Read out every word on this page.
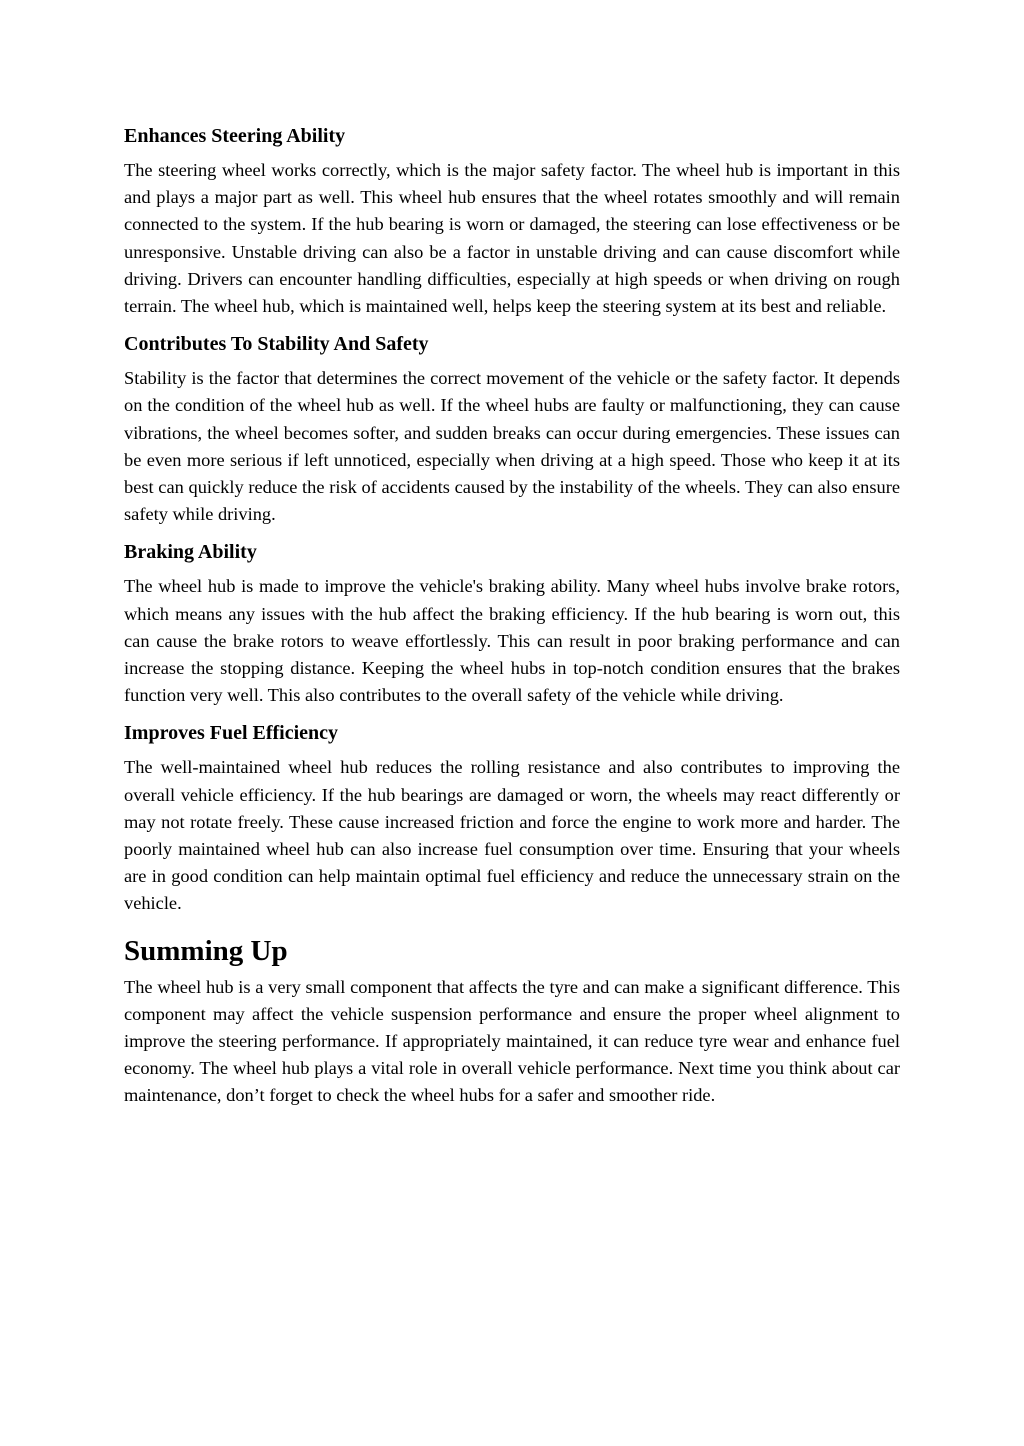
Enhances Steering Ability

The steering wheel works correctly, which is the major safety factor. The wheel hub is important in this and plays a major part as well. This wheel hub ensures that the wheel rotates smoothly and will remain connected to the system. If the hub bearing is worn or damaged, the steering can lose effectiveness or be unresponsive. Unstable driving can also be a factor in unstable driving and can cause discomfort while driving. Drivers can encounter handling difficulties, especially at high speeds or when driving on rough terrain. The wheel hub, which is maintained well, helps keep the steering system at its best and reliable.

Contributes To Stability And Safety

Stability is the factor that determines the correct movement of the vehicle or the safety factor. It depends on the condition of the wheel hub as well. If the wheel hubs are faulty or malfunctioning, they can cause vibrations, the wheel becomes softer, and sudden breaks can occur during emergencies. These issues can be even more serious if left unnoticed, especially when driving at a high speed. Those who keep it at its best can quickly reduce the risk of accidents caused by the instability of the wheels. They can also ensure safety while driving.

Braking Ability

The wheel hub is made to improve the vehicle's braking ability. Many wheel hubs involve brake rotors, which means any issues with the hub affect the braking efficiency. If the hub bearing is worn out, this can cause the brake rotors to weave effortlessly. This can result in poor braking performance and can increase the stopping distance. Keeping the wheel hubs in top-notch condition ensures that the brakes function very well. This also contributes to the overall safety of the vehicle while driving.

Improves Fuel Efficiency

The well-maintained wheel hub reduces the rolling resistance and also contributes to improving the overall vehicle efficiency. If the hub bearings are damaged or worn, the wheels may react differently or may not rotate freely. These cause increased friction and force the engine to work more and harder. The poorly maintained wheel hub can also increase fuel consumption over time. Ensuring that your wheels are in good condition can help maintain optimal fuel efficiency and reduce the unnecessary strain on the vehicle.

Summing Up

The wheel hub is a very small component that affects the tyre and can make a significant difference. This component may affect the vehicle suspension performance and ensure the proper wheel alignment to improve the steering performance. If appropriately maintained, it can reduce tyre wear and enhance fuel economy. The wheel hub plays a vital role in overall vehicle performance. Next time you think about car maintenance, don’t forget to check the wheel hubs for a safer and smoother ride.
